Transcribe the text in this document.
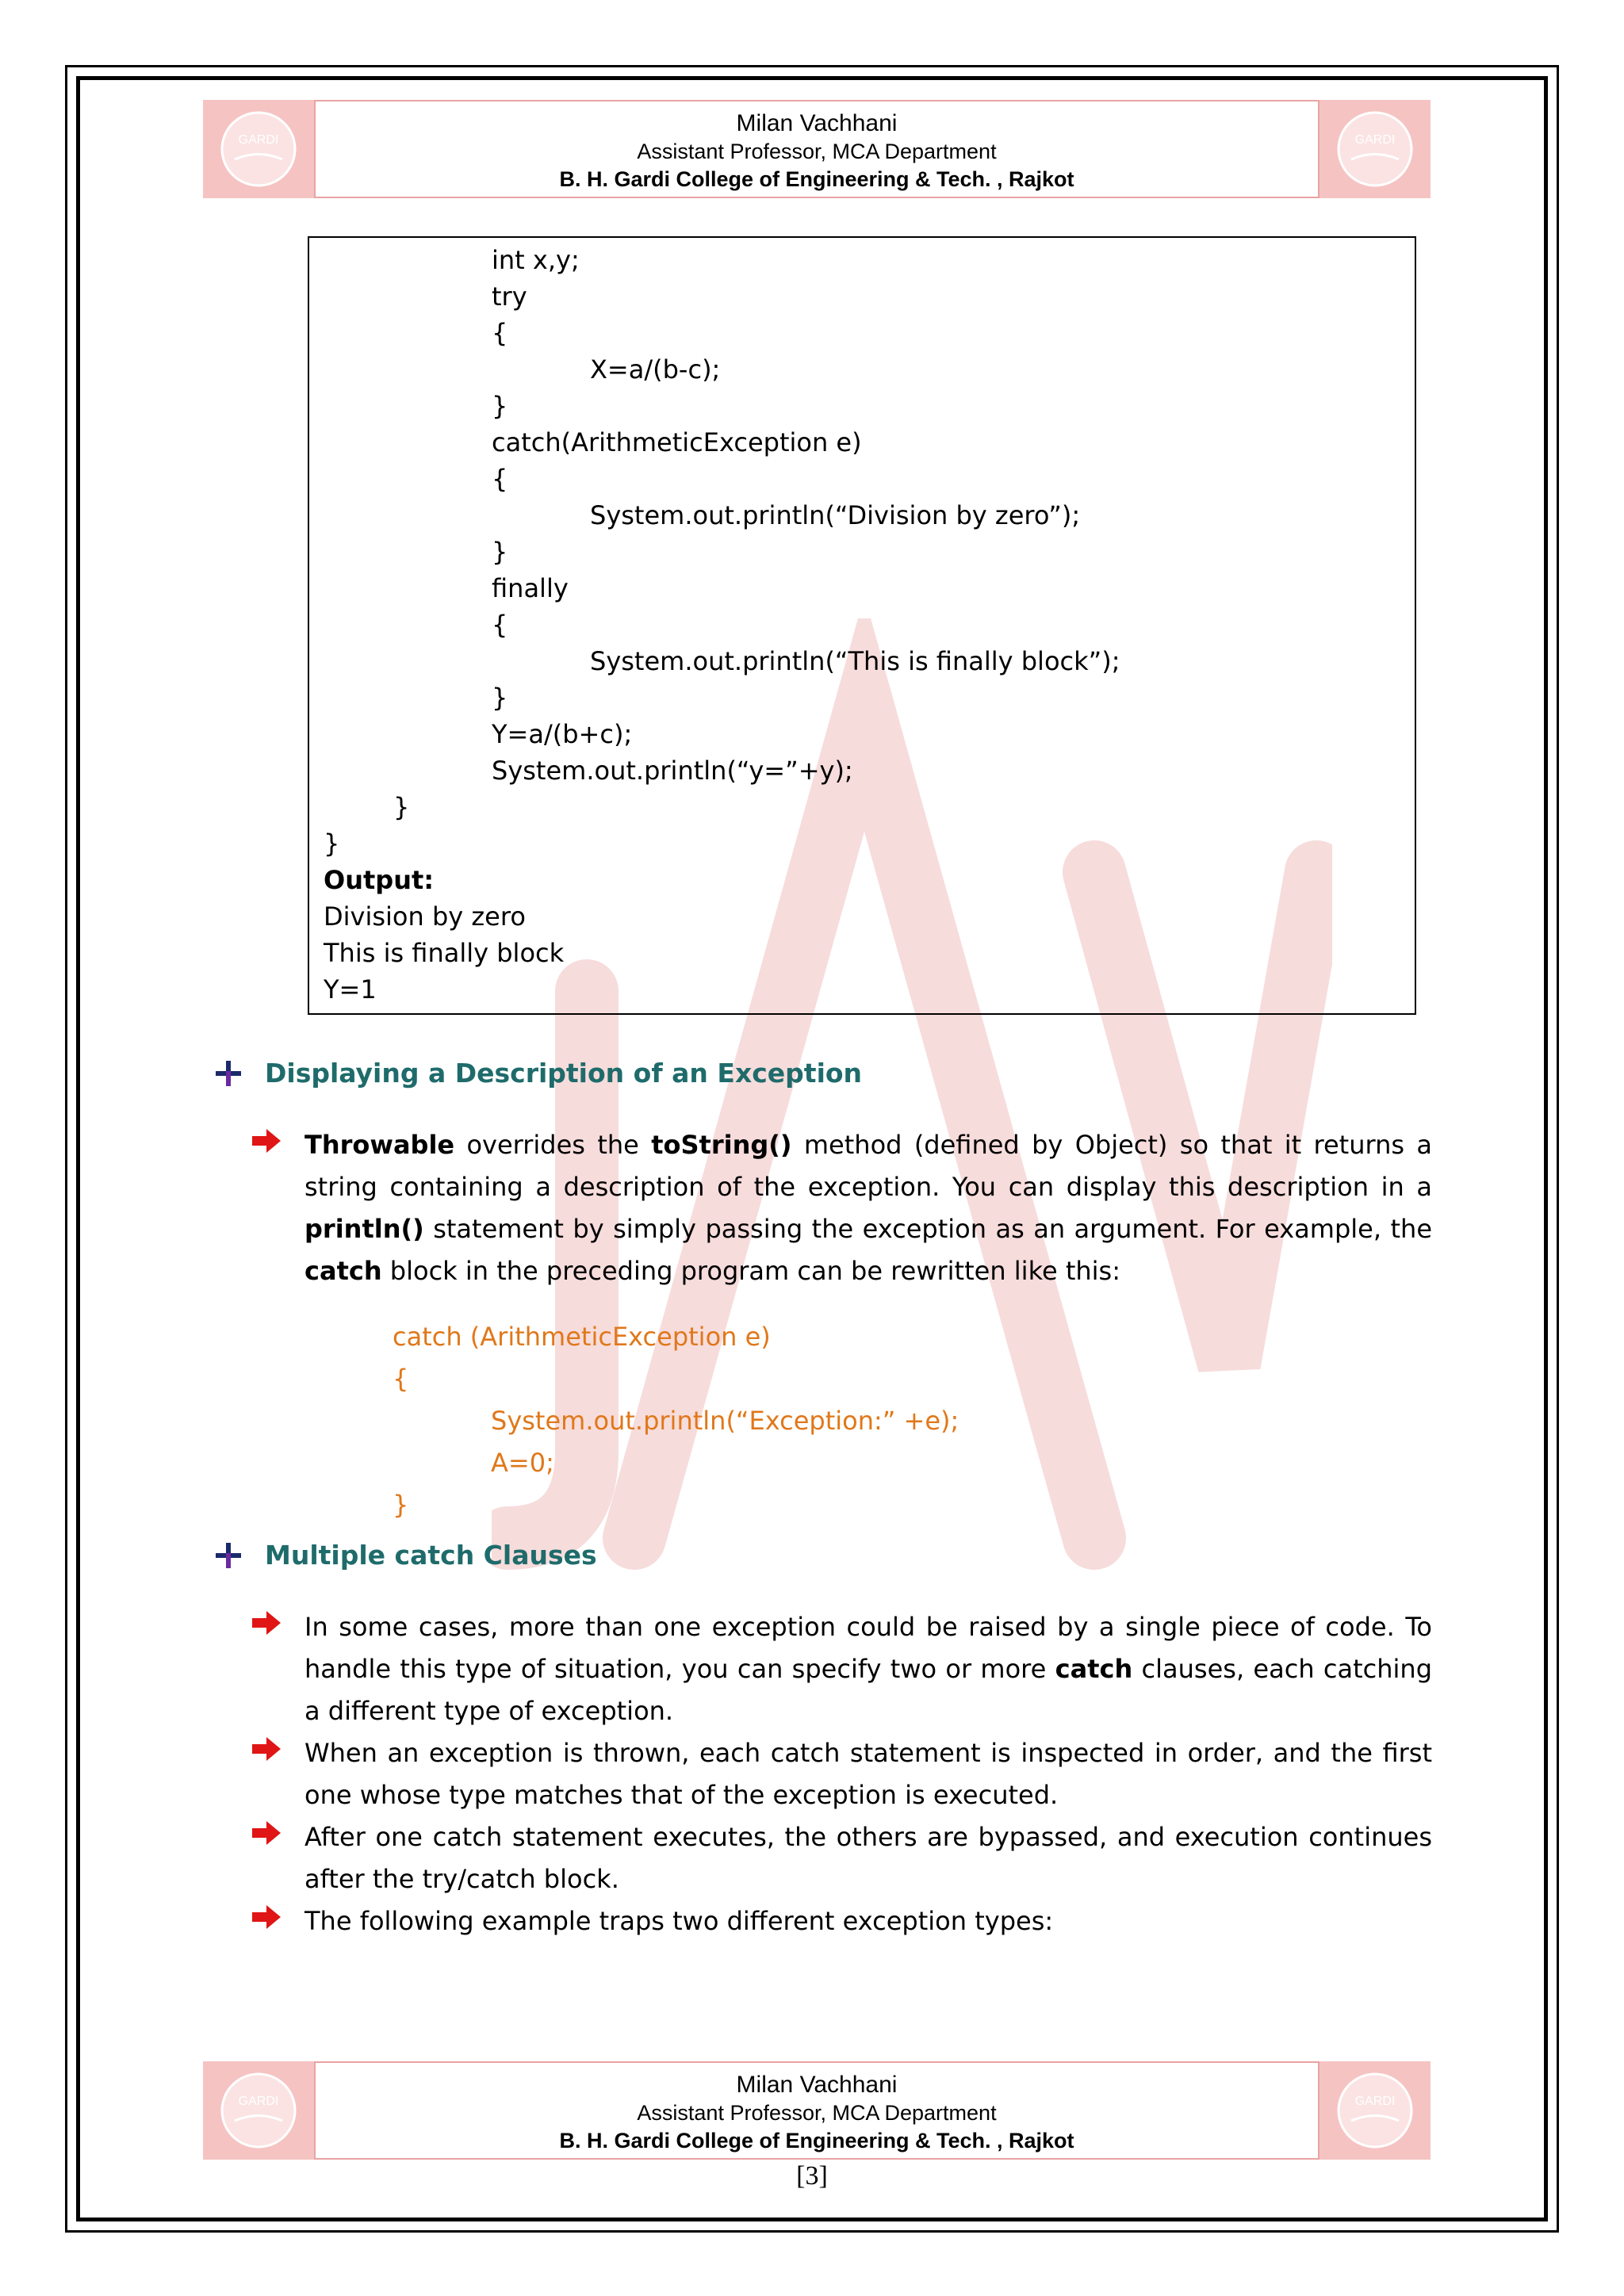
GARDI
Milan Vachhani
Assistant Professor, MCA Department
B. H. Gardi College of Engineering & Tech. , Rajkot
GARDI
int x,y;
try
{
X=a/(b-c);
}
catch(ArithmeticException e)
{
System.out.println(“Division by zero”);
}
finally
{
System.out.println(“This is finally block”);
}
Y=a/(b+c);
System.out.println(“y=”+y);
}
}
Output:
Division by zero
This is finally block
Y=1
Displaying a Description of an Exception
Throwable overrides the toString() method (defined by Object) so that it returns a string containing a description of the exception. You can display this description in a println() statement by simply passing the exception as an argument. For example, the catch block in the preceding program can be rewritten like this:
catch (ArithmeticException e)
{
System.out.println(“Exception:” +e);
A=0;
}
Multiple catch Clauses
In some cases, more than one exception could be raised by a single piece of code. To handle this type of situation, you can specify two or more catch clauses, each catching a different type of exception.
When an exception is thrown, each catch statement is inspected in order, and the first one whose type matches that of the exception is executed.
After one catch statement executes, the others are bypassed, and execution continues after the try/catch block.
The following example traps two different exception types:
GARDI
Milan Vachhani
Assistant Professor, MCA Department
B. H. Gardi College of Engineering & Tech. , Rajkot
GARDI
[3]
